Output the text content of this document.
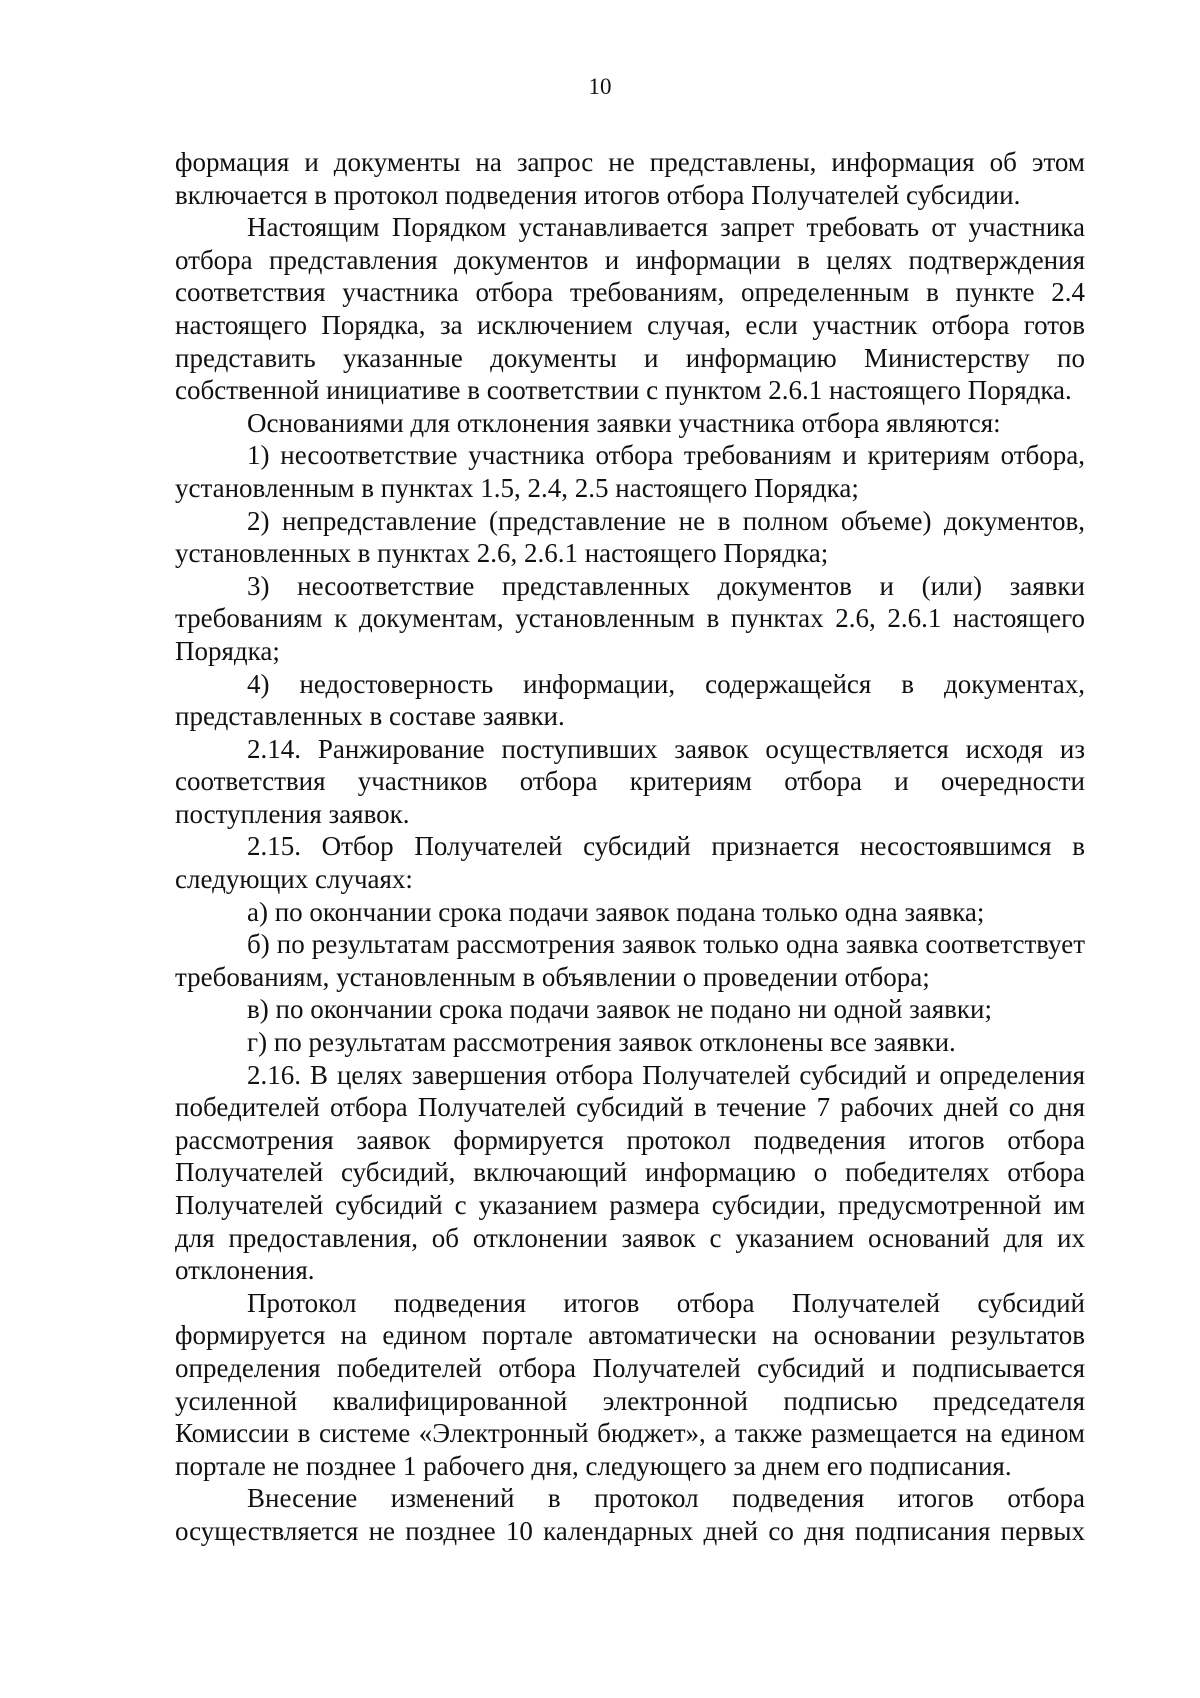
10

формация и документы на запрос не представлены, информация об этом включается в протокол подведения итогов отбора Получателей субсидии.

Настоящим Порядком устанавливается запрет требовать от участника отбора представления документов и информации в целях подтверждения соответствия участника отбора требованиям, определенным в пункте 2.4 настоящего Порядка, за исключением случая, если участник отбора готов представить указанные документы и информацию Министерству по собственной инициативе в соответствии с пунктом 2.6.1 настоящего Порядка.

Основаниями для отклонения заявки участника отбора являются:

1) несоответствие участника отбора требованиям и критериям отбора, установленным в пунктах 1.5, 2.4, 2.5 настоящего Порядка;

2) непредставление (представление не в полном объеме) документов, установленных в пунктах 2.6, 2.6.1 настоящего Порядка;

3) несоответствие представленных документов и (или) заявки требованиям к документам, установленным в пунктах 2.6, 2.6.1 настоящего Порядка;

4) недостоверность информации, содержащейся в документах, представленных в составе заявки.

2.14. Ранжирование поступивших заявок осуществляется исходя из соответствия участников отбора критериям отбора и очередности поступления заявок.

2.15. Отбор Получателей субсидий признается несостоявшимся в следующих случаях:

а) по окончании срока подачи заявок подана только одна заявка;

б) по результатам рассмотрения заявок только одна заявка соответствует требованиям, установленным в объявлении о проведении отбора;

в) по окончании срока подачи заявок не подано ни одной заявки;

г) по результатам рассмотрения заявок отклонены все заявки.

2.16. В целях завершения отбора Получателей субсидий и определения победителей отбора Получателей субсидий в течение 7 рабочих дней со дня рассмотрения заявок формируется протокол подведения итогов отбора Получателей субсидий, включающий информацию о победителях отбора Получателей субсидий с указанием размера субсидии, предусмотренной им для предоставления, об отклонении заявок с указанием оснований для их отклонения.

Протокол подведения итогов отбора Получателей субсидий формируется на едином портале автоматически на основании результатов определения победителей отбора Получателей субсидий и подписывается усиленной квалифицированной электронной подписью председателя Комиссии в системе «Электронный бюджет», а также размещается на едином портале не позднее 1 рабочего дня, следующего за днем его подписания.

Внесение изменений в протокол подведения итогов отбора осуществляется не позднее 10 календарных дней со дня подписания первых
